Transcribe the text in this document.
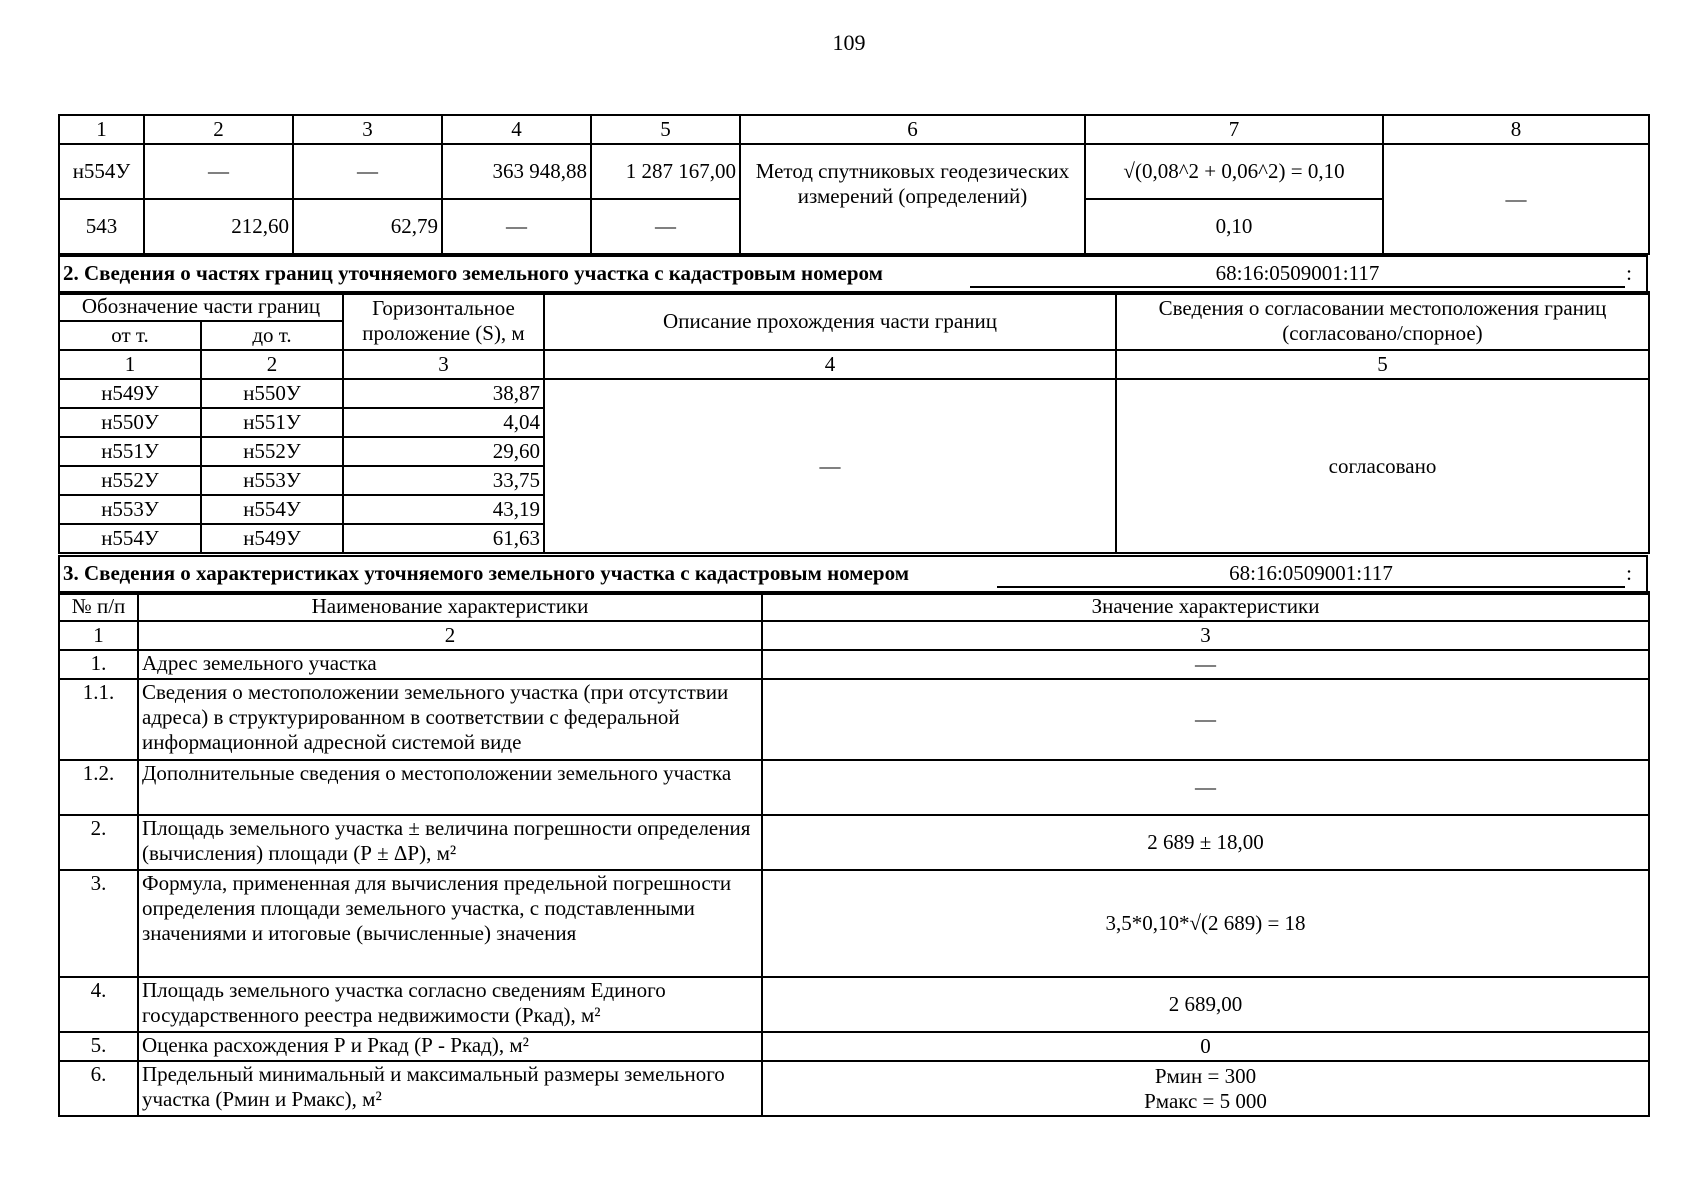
109
1	2	3	4	5	6	7	8
н554У	—	—	363 948,88	1 287 167,00	Метод спутниковых геодезических измерений (определений)	√(0,08^2 + 0,06^2) = 0,10	—
543	212,60	62,79	—	—		0,10	
2. Сведения о частях границ уточняемого земельного участка с кадастровым номером	68:16:0509001:117	:
Обозначение части границ		Горизонтальное проложение (S), м	Описание прохождения части границ	Сведения о согласовании местоположения границ (согласовано/спорное)
от т.	до т.			
1	2	3	4	5
н549У	н550У	38,87	—	согласовано
н550У	н551У	4,04		
н551У	н552У	29,60		
н552У	н553У	33,75		
н553У	н554У	43,19		
н554У	н549У	61,63		
3. Сведения о характеристиках уточняемого земельного участка с кадастровым номером	68:16:0509001:117	:
№ п/п	Наименование характеристики	Значение характеристики
1	2	3
1.	Адрес земельного участка	—
1.1.	Сведения о местоположении земельного участка (при отсутствии адреса) в структурированном в соответствии с федеральной информационной адресной системой виде	—
1.2.	Дополнительные сведения о местоположении земельного участка	—
2.	Площадь земельного участка ± величина погрешности определения (вычисления) площади (Р ± ΔР), м²	2 689 ± 18,00
3.	Формула, примененная для вычисления предельной погрешности определения площади земельного участка, с подставленными значениями и итоговые (вычисленные) значения	3,5*0,10*√(2 689) = 18
4.	Площадь земельного участка согласно сведениям Единого государственного реестра недвижимости (Ркад), м²	2 689,00
5.	Оценка расхождения Р и Ркад (Р - Ркад), м²	0
6.	Предельный минимальный и максимальный размеры земельного участка (Рмин и Рмакс), м²	Рмин = 300
Рмакс = 5 000
